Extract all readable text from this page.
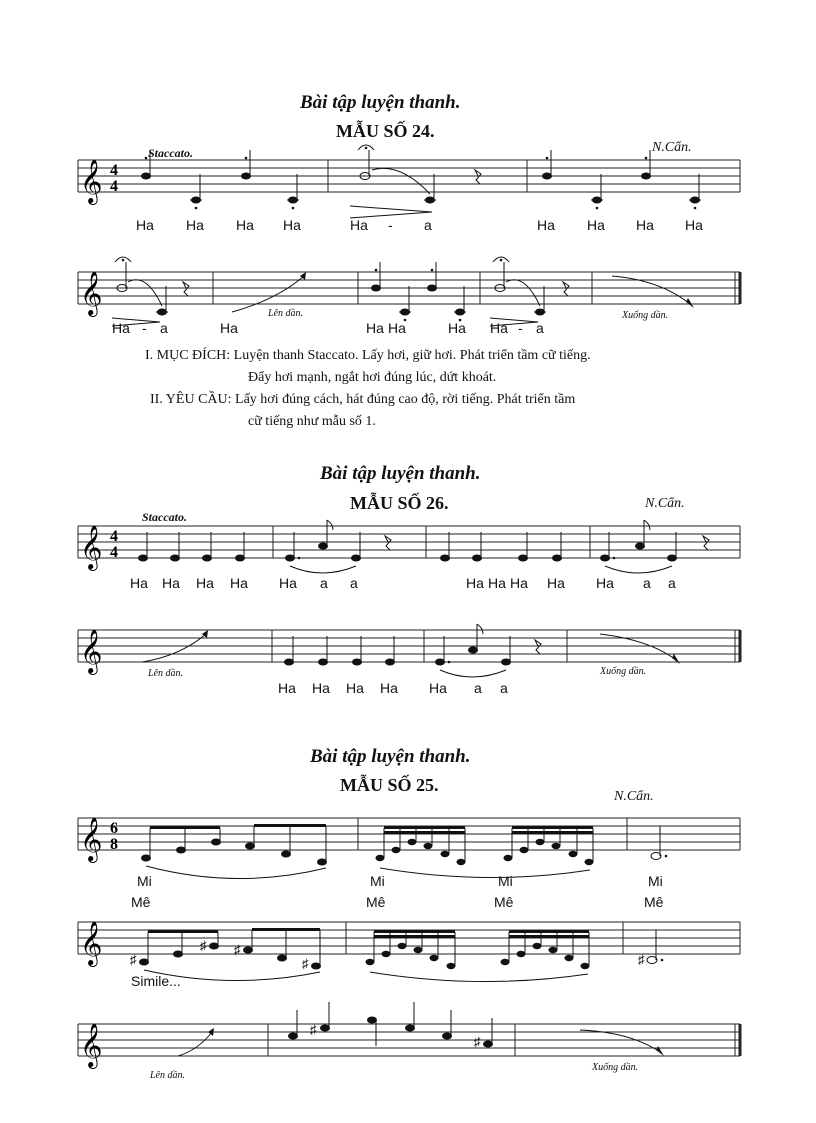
Bài tập luyện thanh.
MẪU SỐ 24.
N.Cẩn.
Staccato.
𝄞 4
4
Ha Ha Ha Ha	Ha - a	Ha Ha Ha Ha
𝄞
Ha - a	Ha	Ha Ha	Ha Ha - a
Lên dần.	Xuống dần.
I. MỤC ĐÍCH: Luyện thanh Staccato. Lấy hơi, giữ hơi. Phát triển tầm cữ tiếng.
Đẩy hơi mạnh, ngắt hơi đúng lúc, dứt khoát.
II. YÊU CẦU: Lấy hơi đúng cách, hát đúng cao độ, rời tiếng. Phát triển tầm
cữ tiếng như mẫu số 1.
Bài tập luyện thanh.
MẪU SỐ 26.	N.Cẩn.
Staccato.
𝄞 4
4
Ha Ha Ha Ha Ha a a	Ha Ha Ha Ha Ha a a
𝄞
Lên dần.	Xuống dần.
Ha Ha Ha Ha Ha a a
Bài tập luyện thanh.
MẪU SỐ 25.
N.Cẩn.
𝄞 6
8
Mi	Mi	Mi	Mi
Mê	Mê	Mê	Mê
𝄞 ♯
♯ ♯
♯	♯
Simile...
𝄞	♯
♯
Lên dần.
Xuống dần.
